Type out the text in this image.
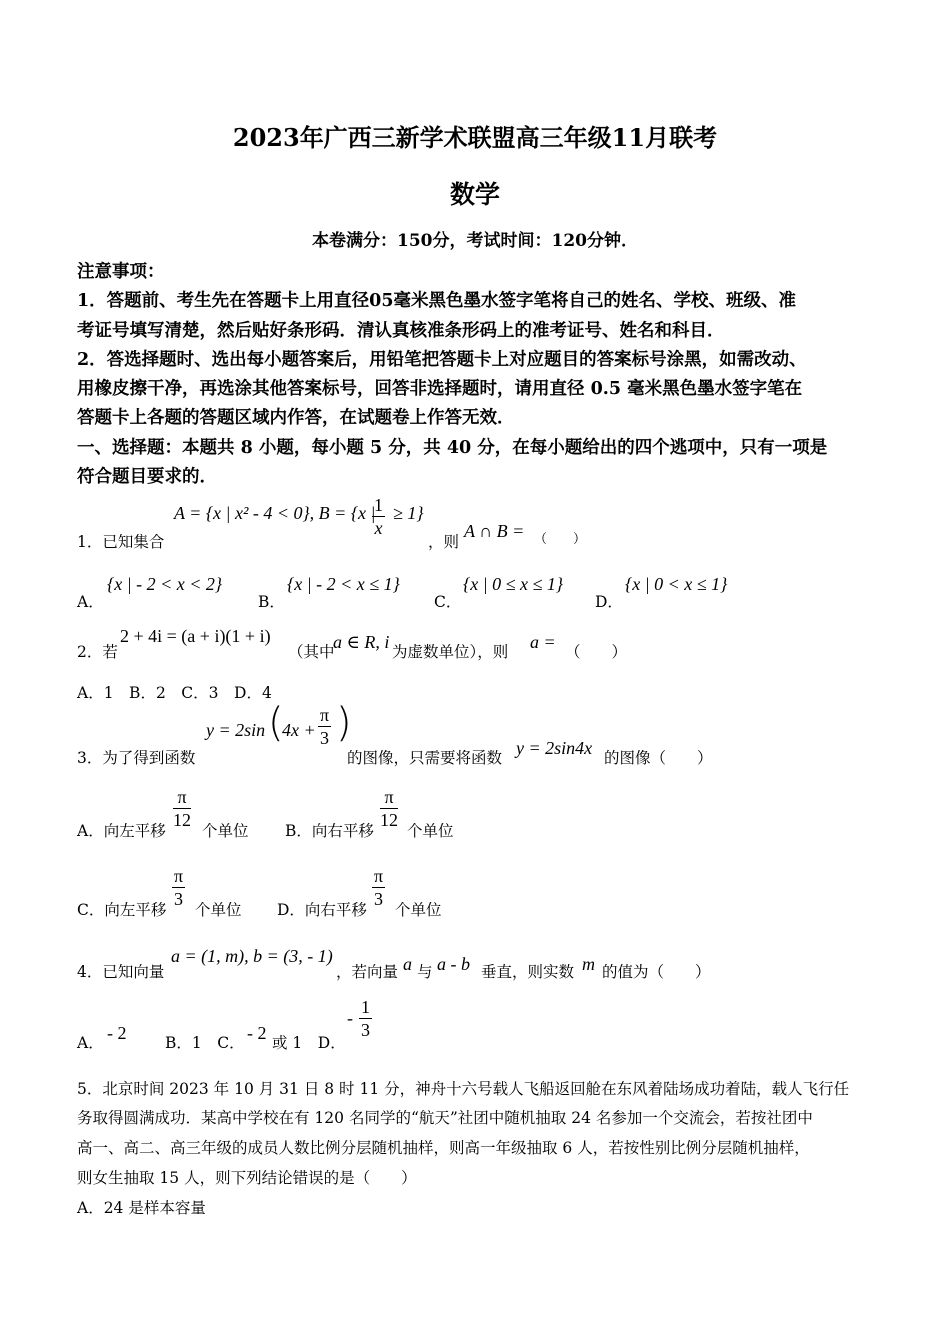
2023年广西三新学术联盟高三年级11月联考
数学
本卷满分：150分，考试时间：120分钟．
注意事项：
1．答题前、考生先在答题卡上用直径05毫米黑色墨水签字笔将自己的姓名、学校、班级、准
考证号填写清楚，然后贴好条形码．清认真核准条形码上的准考证号、姓名和科目．
2．答选择题时、选出每小题答案后，用铅笔把答题卡上对应题目的答案标号涂黑，如需改动、
用橡皮擦干净，再选涂其他答案标号，回答非选择题时，请用直径 0.5 毫米黑色墨水签字笔在
答题卡上各题的答题区域内作答，在试题卷上作答无效．
一、选择题：本题共 8 小题，每小题 5 分，共 40 分，在每小题给出的四个逃项中，只有一项是
符合题目要求的．
1．已知集合
A = {x | x² - 4 < 0}, B = {x |
$\frac{1}{x} \ge 1$}
，则
A ∩ B = （　　）
A．
{x | - 2 < x < 2}
B．
{x | - 2 < x ≤ 1}
C．
{x | 0 ≤ x ≤ 1}
D．
{x | 0 < x ≤ 1}
2．若
2 + 4i = (a + i)(1 + i)
（其中
a ∈ R, i 为虚数单位），则 a = （　　）
A．1　B．2　C．3　D．4
3．为了得到函数
y = 2sin (
$4x + \frac{\pi}{3}$ )
的图像，只需要将函数 y = 2sin4x 的图像（　　）
A．向左平移 $\frac{\pi}{12}$ 个单位 B．向右平移 $\frac{\pi}{12}$ 个单位
C．向左平移 $\frac{\pi}{3}$ 个单位 D．向右平移 $\frac{\pi}{3}$ 个单位
4．已知向量
a = (1, m), b = (3, - 1)
，若向量 a 与 a - b 垂直，则实数 m 的值为（　　）
A． - 2 B．1　C． - 2 或 1　D．
- $\frac{1}{3}$
5．北京时间 2023 年 10 月 31 日 8 时 11 分，神舟十六号载人飞船返回舱在东风着陆场成功着陆，载人飞行任
务取得圆满成功．某高中学校在有 120 名同学的“航天”社团中随机抽取 24 名参加一个交流会，若按社团中
高一、高二、高三年级的成员人数比例分层随机抽样，则高一年级抽取 6 人，若按性别比例分层随机抽样，
则女生抽取 15 人，则下列结论错误的是（　　）
A．24 是样本容量
